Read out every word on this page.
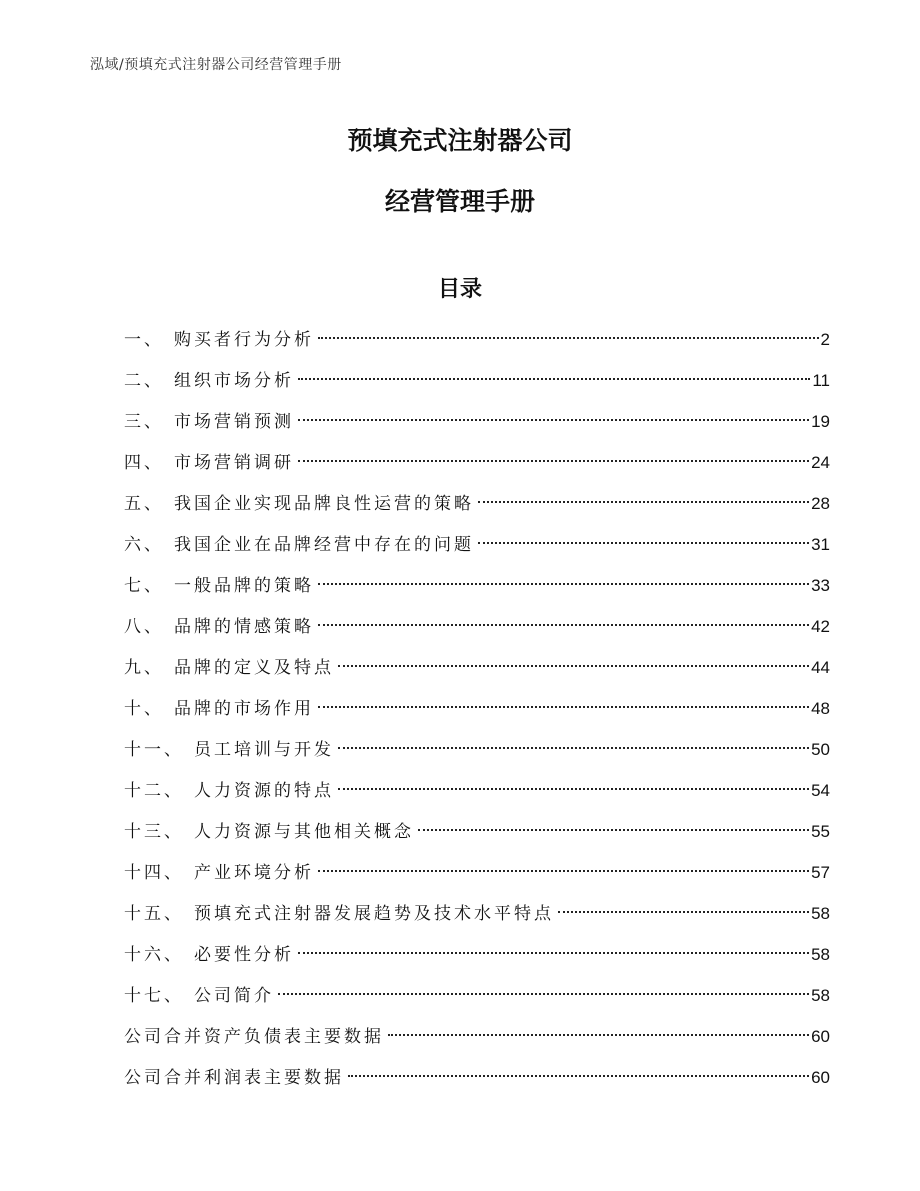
泓域/预填充式注射器公司经营管理手册
预填充式注射器公司
经营管理手册
目录
一 、 购买者行为分析	2
二 、 组织市场分析	11
三 、 市场营销预测	19
四 、 市场营销调研	24
五 、 我国企业实现品牌良性运营的策略	28
六 、 我国企业在品牌经营中存在的问题	31
七 、 一般品牌的策略	33
八 、 品牌的情感策略	42
九 、 品牌的定义及特点	44
十 、 品牌的市场作用	48
十一 、 员工培训与开发	50
十二 、 人力资源的特点	54
十三 、 人力资源与其他相关概念	55
十四 、 产业环境分析	57
十五 、 预填充式注射器发展趋势及技术水平特点	58
十六 、 必要性分析	58
十七 、 公司简介	58
公司合并资产负债表主要数据	60
公司合并利润表主要数据	60
